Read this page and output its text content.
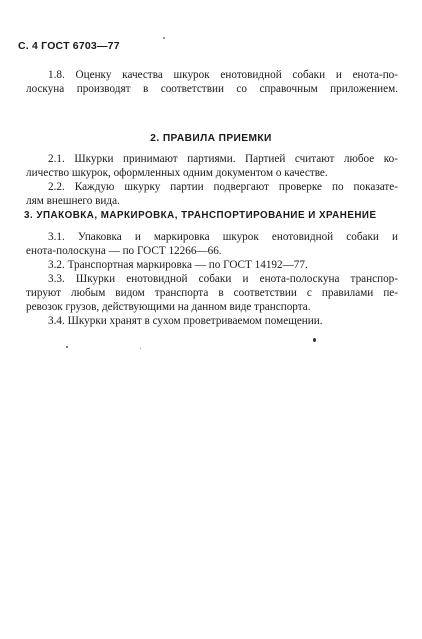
С. 4 ГОСТ 6703—77
1.8. Оценку качества шкурок енотовидной собаки и енота-по-
лоскуна производят в соответствии со справочным приложением.
2. ПРАВИЛА ПРИЕМКИ
2.1. Шкурки принимают партиями. Партией считают любое ко-
личество шкурок, оформленных одним документом о качестве.
2.2. Каждую шкурку партии подвергают проверке по показате-
лям внешнего вида.
3. УПАКОВКА, МАРКИРОВКА, ТРАНСПОРТИРОВАНИЕ И ХРАНЕНИЕ
3.1. Упаковка и маркировка шкурок енотовидной собаки и
енота-полоскуна — по ГОСТ 12266—66.
3.2. Транспортная маркировка — по ГОСТ 14192—77.
3.3. Шкурки енотовидной собаки и енота-полоскуна транспор-
тируют любым видом транспорта в соответствии с правилами пе-
ревозок грузов, действующими на данном виде транспорта.
3.4. Шкурки хранят в сухом проветриваемом помещении.
